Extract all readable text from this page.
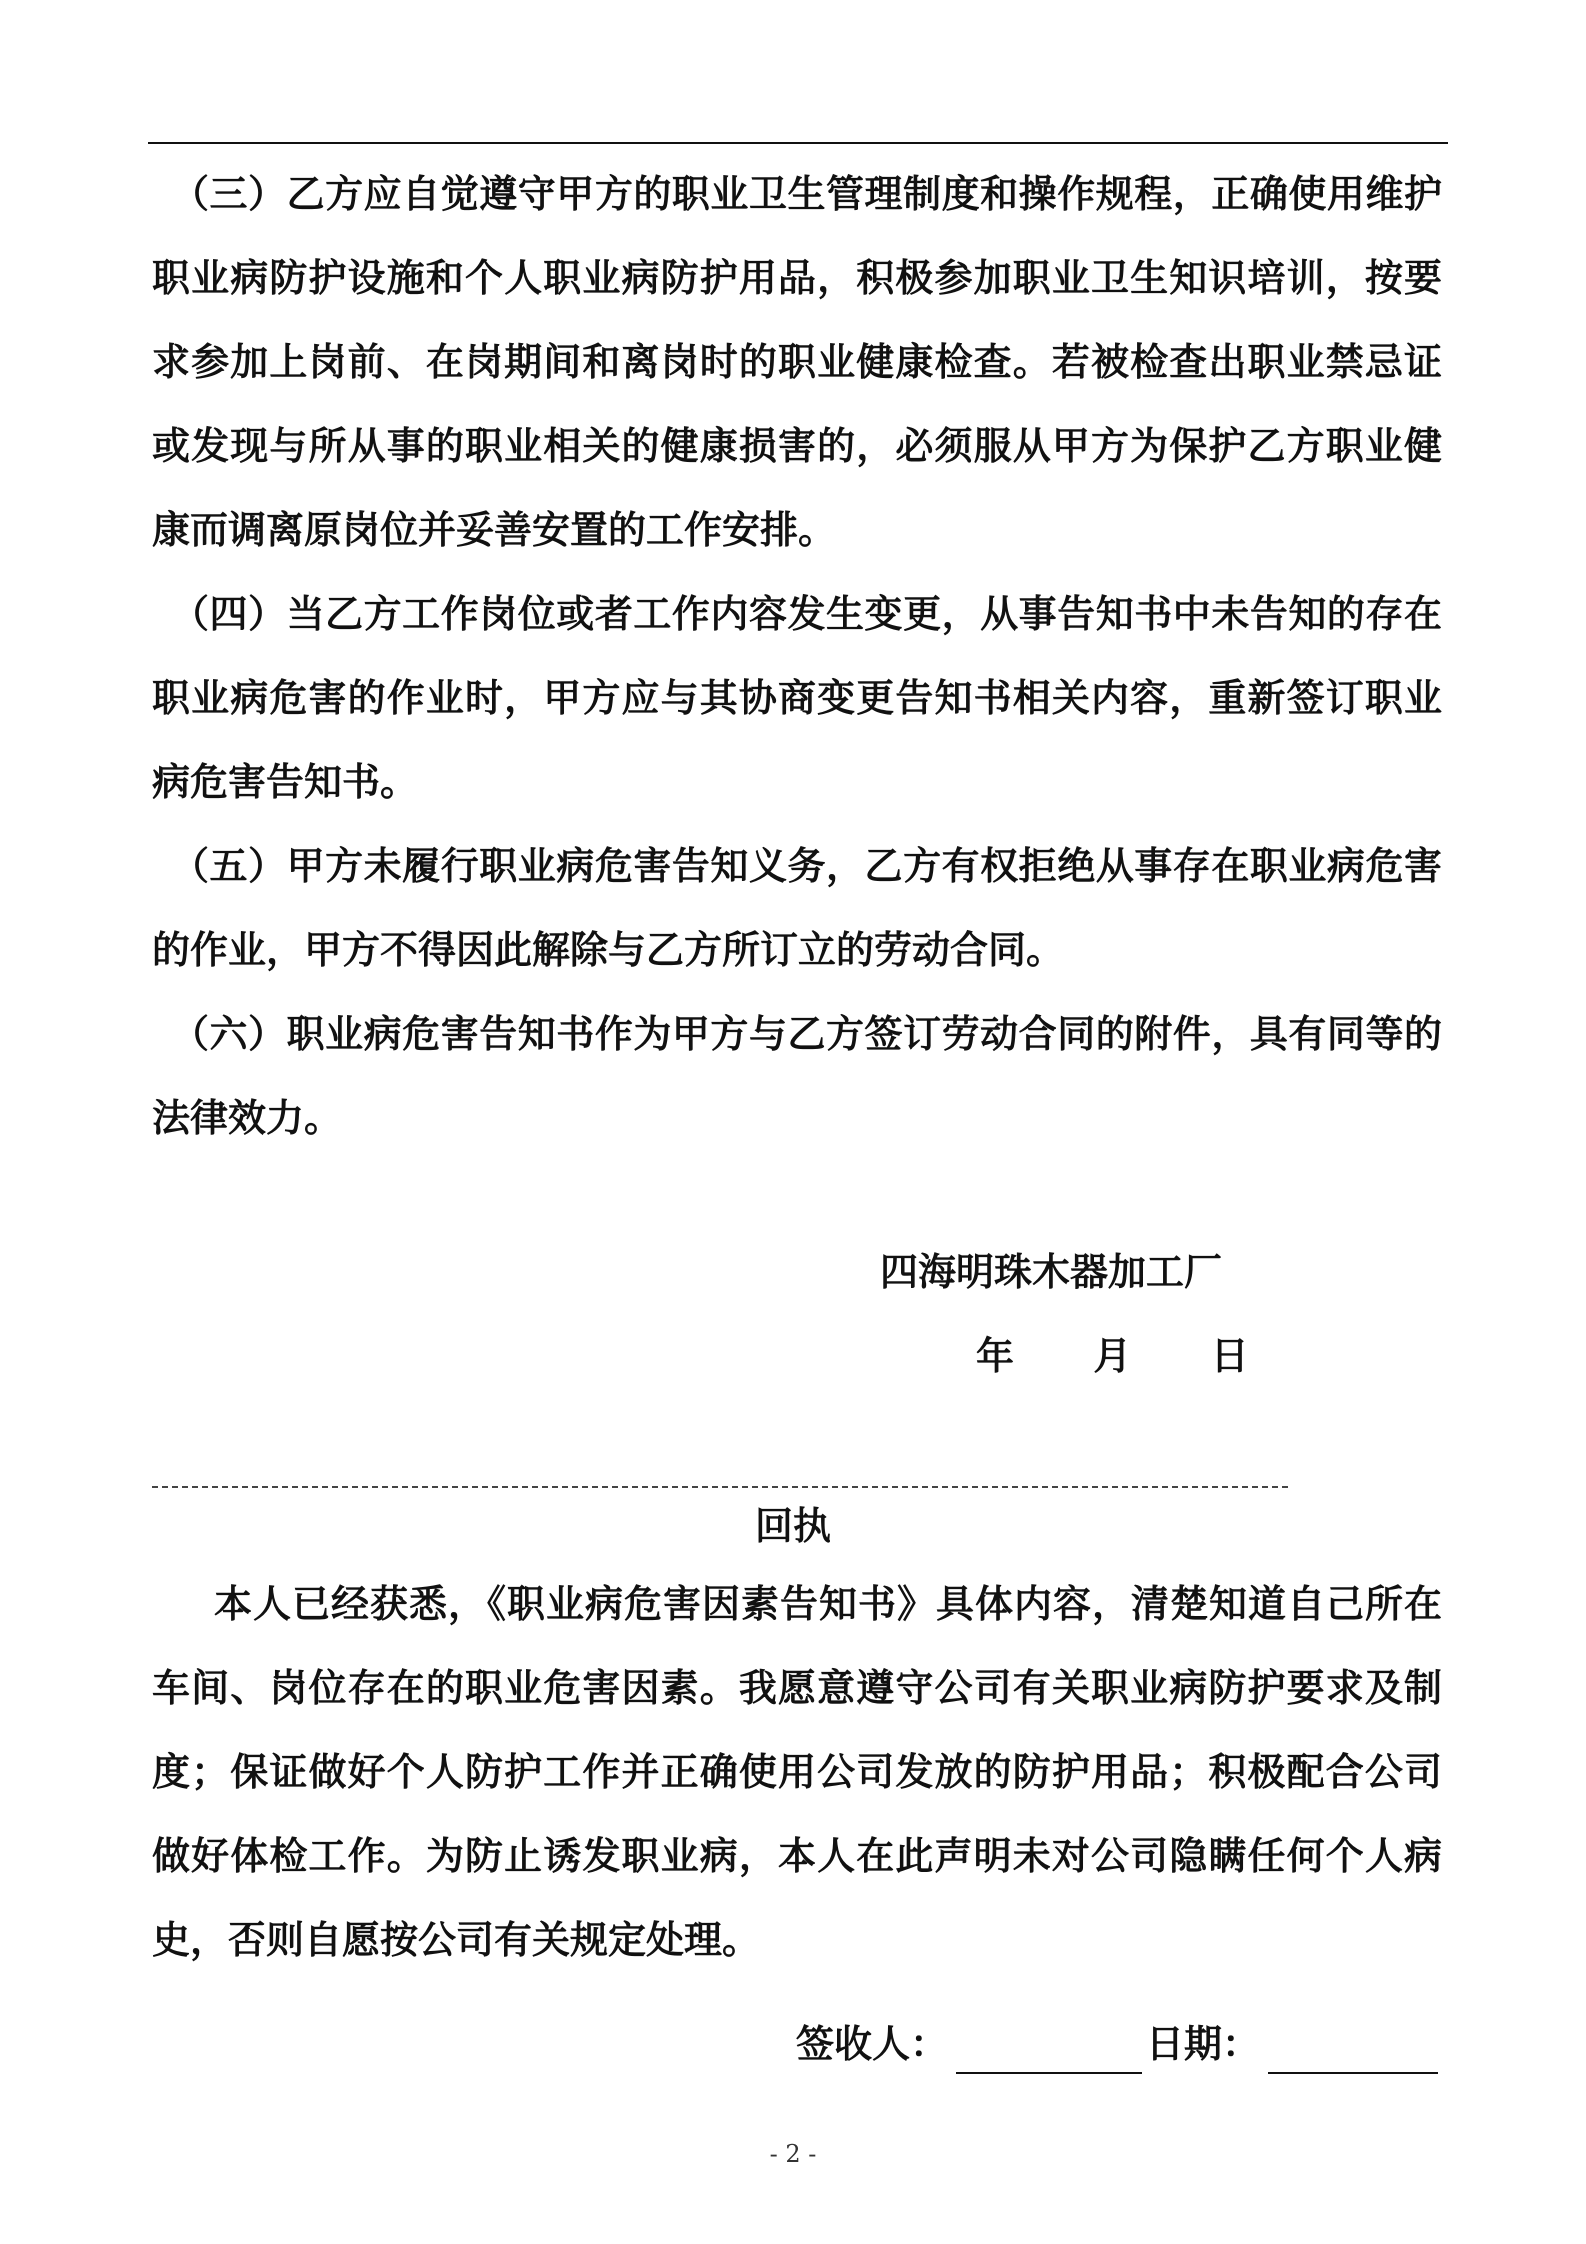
（三）乙方应自觉遵守甲方的职业卫生管理制度和操作规程，正确使用维护职业病防护设施和个人职业病防护用品，积极参加职业卫生知识培训，按要求参加上岗前、在岗期间和离岗时的职业健康检查。若被检查出职业禁忌证或发现与所从事的职业相关的健康损害的，必须服从甲方为保护乙方职业健康而调离原岗位并妥善安置的工作安排。

（四）当乙方工作岗位或者工作内容发生变更，从事告知书中未告知的存在职业病危害的作业时，甲方应与其协商变更告知书相关内容，重新签订职业病危害告知书。

（五）甲方未履行职业病危害告知义务，乙方有权拒绝从事存在职业病危害的作业，甲方不得因此解除与乙方所订立的劳动合同。

（六）职业病危害告知书作为甲方与乙方签订劳动合同的附件，具有同等的法律效力。

四海明珠木器加工厂
年      月      日
回执

本人已经获悉，《职业病危害因素告知书》具体内容，清楚知道自己所在车间、岗位存在的职业危害因素。我愿意遵守公司有关职业病防护要求及制度；保证做好个人防护工作并正确使用公司发放的防护用品；积极配合公司做好体检工作。为防止诱发职业病，本人在此声明未对公司隐瞒任何个人病史，否则自愿按公司有关规定处理。

签收人：	日期：
- 2 -
